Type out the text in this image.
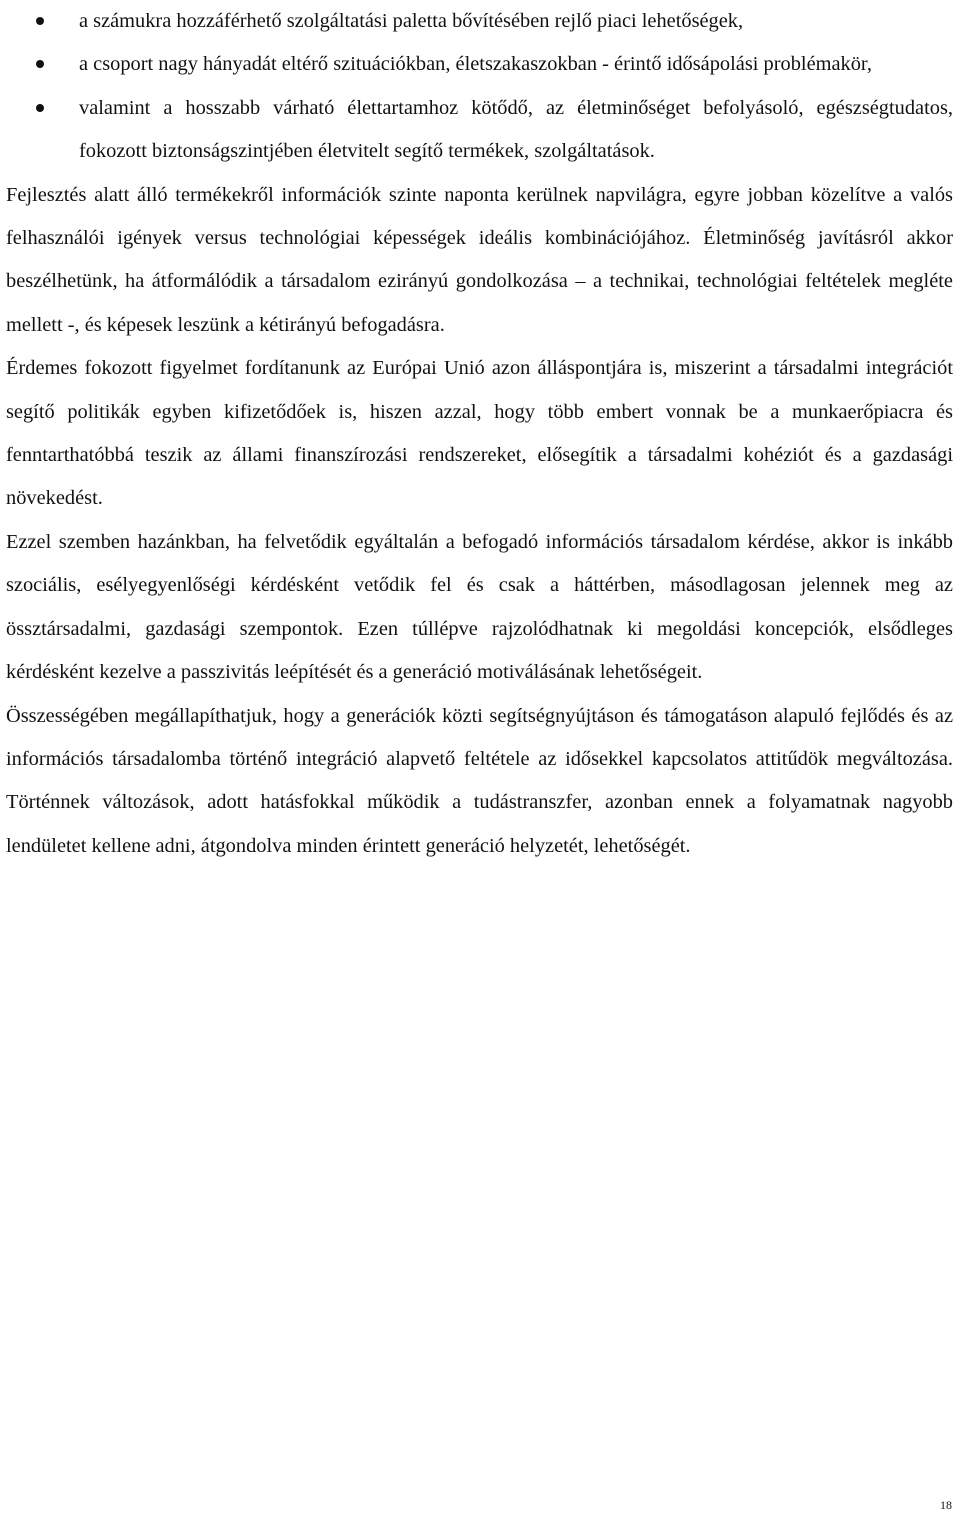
a számukra hozzáférhető szolgáltatási paletta bővítésében rejlő piaci lehetőségek,
a csoport nagy hányadát eltérő szituációkban, életszakaszokban - érintő idősápolási problémakör,
valamint a hosszabb várható élettartamhoz kötődő, az életminőséget befolyásoló, egészségtudatos, fokozott biztonságszintjében életvitelt segítő termékek, szolgáltatások.

Fejlesztés alatt álló termékekről információk szinte naponta kerülnek napvilágra, egyre jobban közelítve a valós felhasználói igények versus technológiai képességek ideális kombinációjához. Életminőség javításról akkor beszélhetünk, ha átformálódik a társadalom ezirányú gondolkozása – a technikai, technológiai feltételek megléte mellett -, és képesek leszünk a kétirányú befogadásra.

Érdemes fokozott figyelmet fordítanunk az Európai Unió azon álláspontjára is, miszerint a társadalmi integrációt segítő politikák egyben kifizetődőek is, hiszen azzal, hogy több embert vonnak be a munkaerőpiacra és fenntarthatóbbá teszik az állami finanszírozási rendszereket, elősegítik a társadalmi kohéziót és a gazdasági növekedést.

Ezzel szemben hazánkban, ha felvetődik egyáltalán a befogadó információs társadalom kérdése, akkor is inkább szociális, esélyegyenlőségi kérdésként vetődik fel és csak a háttérben, másodlagosan jelennek meg az össztársadalmi, gazdasági szempontok. Ezen túllépve rajzolódhatnak ki megoldási koncepciók, elsődleges kérdésként kezelve a passzivitás leépítését és a generáció motiválásának lehetőségeit.

Összességében megállapíthatjuk, hogy a generációk közti segítségnyújtáson és támogatáson alapuló fejlődés és az információs társadalomba történő integráció alapvető feltétele az idősekkel kapcsolatos attitűdök megváltozása. Történnek változások, adott hatásfokkal működik a tudástranszfer, azonban ennek a folyamatnak nagyobb lendületet kellene adni, átgondolva minden érintett generáció helyzetét, lehetőségét.

18
